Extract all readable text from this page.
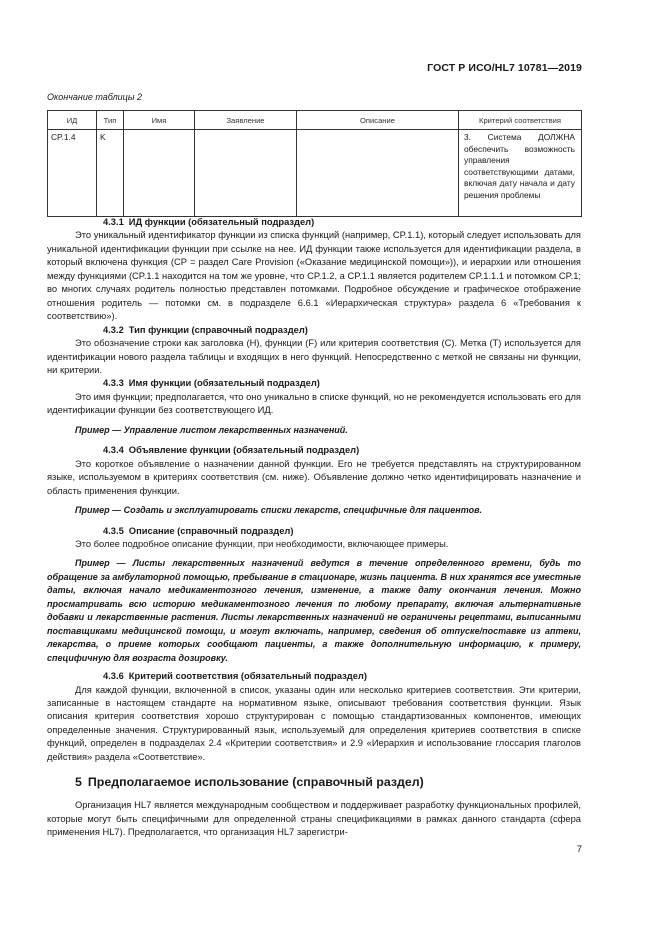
ГОСТ Р ИСО/HL7 10781—2019
Окончание таблицы 2
ИД	Тип	Имя	Заявление	Описание	Критерий соответствия
CP.1.4	K				3. Система ДОЛЖНА обеспечить возможность управления соответствующими датами, включая дату начала и дату решения проблемы

4.3.1 ИД функции (обязательный подраздел)

Это уникальный идентификатор функции из списка функций (например, CP.1.1), который следует использовать для уникальной идентификации функции при ссылке на нее. ИД функции также используется для идентификации раздела, в который включена функция (CP = раздел Care Provision («Оказание медицинской помощи»)), и иерархии или отношения между функциями (CP.1.1 находится на том же уровне, что CP.1.2, а CP.1.1 является родителем CP.1.1.1 и потомком CP.1; во многих случаях родитель полностью представлен потомками. Подробное обсуждение и графическое отображение отношения родитель — потомки см. в подразделе 6.6.1 «Иерархическая структура» раздела 6 «Требования к соответствию»).

4.3.2 Тип функции (справочный подраздел)

Это обозначение строки как заголовка (H), функции (F) или критерия соответствия (C). Метка (T) используется для идентификации нового раздела таблицы и входящих в него функций. Непосредственно с меткой не связаны ни функции, ни критерии.

4.3.3 Имя функции (обязательный подраздел)

Это имя функции; предполагается, что оно уникально в списке функций, но не рекомендуется использовать его для идентификации функции без соответствующего ИД.

Пример — Управление листом лекарственных назначений.

4.3.4 Объявление функции (обязательный подраздел)

Это короткое объявление о назначении данной функции. Его не требуется представлять на структурированном языке, используемом в критериях соответствия (см. ниже). Объявление должно четко идентифицировать назначение и область применения функции.

Пример — Создать и эксплуатировать списки лекарств, специфичные для пациентов.

4.3.5 Описание (справочный подраздел)

Это более подробное описание функции, при необходимости, включающее примеры.

Пример — Листы лекарственных назначений ведутся в течение определенного времени, будь то обращение за амбулаторной помощью, пребывание в стационаре, жизнь пациента. В них хранятся все уместные даты, включая начало медикаментозного лечения, изменение, а также дату окончания лечения. Можно просматривать всю историю медикаментозного лечения по любому препарату, включая альтернативные добавки и лекарственные растения. Листы лекарственных назначений не ограничены рецептами, выписанными поставщиками медицинской помощи, и могут включать, например, сведения об отпуске/поставке из аптеки, лекарства, о приеме которых сообщают пациенты, а также дополнительную информацию, к примеру, специфичную для возраста дозировку.

4.3.6 Критерий соответствия (обязательный подраздел)

Для каждой функции, включенной в список, указаны один или несколько критериев соответствия. Эти критерии, записанные в настоящем стандарте на нормативном языке, описывают требования соответствия функции. Язык описания критерия соответствия хорошо структурирован с помощью стандартизованных компонентов, имеющих определенные значения. Структурированный язык, используемый для определения критериев соответствия в списке функций, определен в подразделах 2.4 «Критерии соответствия» и 2.9 «Иерархия и использование глоссария глаголов действия» раздела «Соответствие».

5 Предполагаемое использование (справочный раздел)

Организация HL7 является международным сообществом и поддерживает разработку функциональных профилей, которые могут быть специфичными для определенной страны спецификациями в рамках данного стандарта (сфера применения HL7). Предполагается, что организация HL7 зарегистри-

7
